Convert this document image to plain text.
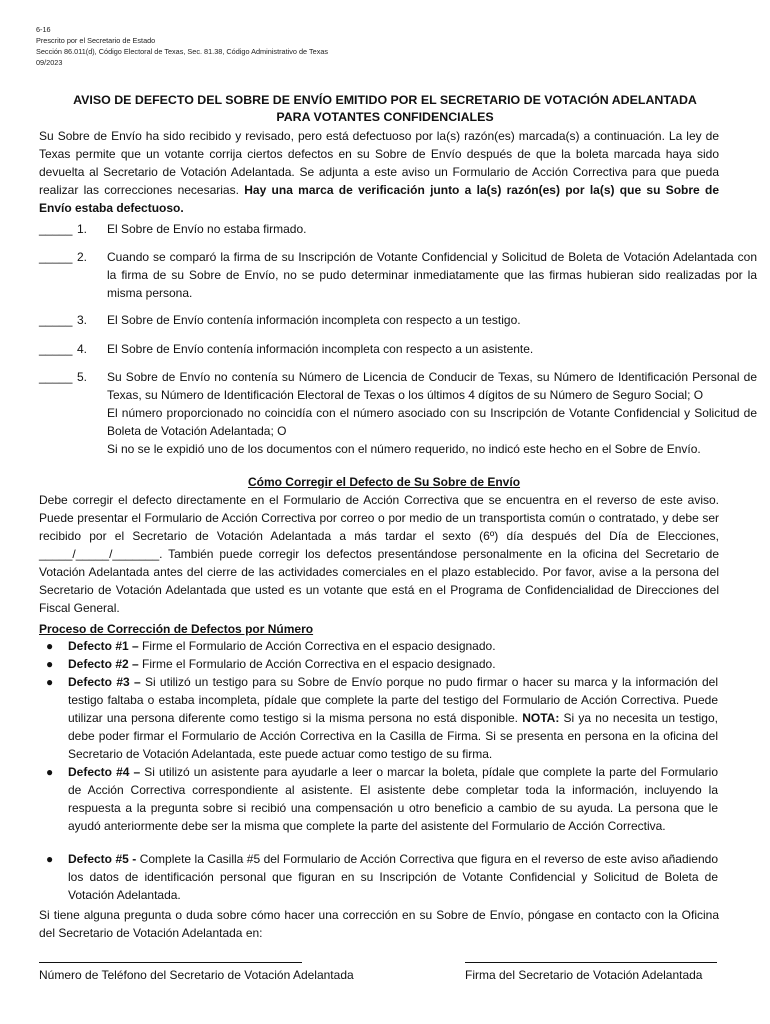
6-16
Prescrito por el Secretario de Estado
Sección 86.011(d), Código Electoral de Texas, Sec. 81.38, Código Administrativo de Texas
09/2023
AVISO DE DEFECTO DEL SOBRE DE ENVÍO EMITIDO POR EL SECRETARIO DE VOTACIÓN ADELANTADA
PARA VOTANTES CONFIDENCIALES
Su Sobre de Envío ha sido recibido y revisado, pero está defectuoso por la(s) razón(es) marcada(s) a continuación. La ley de Texas permite que un votante corrija ciertos defectos en su Sobre de Envío después de que la boleta marcada haya sido devuelta al Secretario de Votación Adelantada. Se adjunta a este aviso un Formulario de Acción Correctiva para que pueda realizar las correcciones necesarias. Hay una marca de verificación junto a la(s) razón(es) por la(s) que su Sobre de Envío estaba defectuoso.
_____ 1. El Sobre de Envío no estaba firmado.
_____ 2. Cuando se comparó la firma de su Inscripción de Votante Confidencial y Solicitud de Boleta de Votación Adelantada con la firma de su Sobre de Envío, no se pudo determinar inmediatamente que las firmas hubieran sido realizadas por la misma persona.
_____ 3. El Sobre de Envío contenía información incompleta con respecto a un testigo.
_____ 4. El Sobre de Envío contenía información incompleta con respecto a un asistente.
_____ 5. Su Sobre de Envío no contenía su Número de Licencia de Conducir de Texas, su Número de Identificación Personal de Texas, su Número de Identificación Electoral de Texas o los últimos 4 dígitos de su Número de Seguro Social; O
El número proporcionado no coincidía con el número asociado con su Inscripción de Votante Confidencial y Solicitud de Boleta de Votación Adelantada; O
Si no se le expidió uno de los documentos con el número requerido, no indicó este hecho en el Sobre de Envío.
Cómo Corregir el Defecto de Su Sobre de Envío
Debe corregir el defecto directamente en el Formulario de Acción Correctiva que se encuentra en el reverso de este aviso. Puede presentar el Formulario de Acción Correctiva por correo o por medio de un transportista común o contratado, y debe ser recibido por el Secretario de Votación Adelantada a más tardar el sexto (6º) día después del Día de Elecciones, _____/_____/_______. También puede corregir los defectos presentándose personalmente en la oficina del Secretario de Votación Adelantada antes del cierre de las actividades comerciales en el plazo establecido. Por favor, avise a la persona del Secretario de Votación Adelantada que usted es un votante que está en el Programa de Confidencialidad de Direcciones del Fiscal General.
Proceso de Corrección de Defectos por Número
● Defecto #1 – Firme el Formulario de Acción Correctiva en el espacio designado.
● Defecto #2 – Firme el Formulario de Acción Correctiva en el espacio designado.
● Defecto #3 – Si utilizó un testigo para su Sobre de Envío porque no pudo firmar o hacer su marca y la información del testigo faltaba o estaba incompleta, pídale que complete la parte del testigo del Formulario de Acción Correctiva. Puede utilizar una persona diferente como testigo si la misma persona no está disponible. NOTA: Si ya no necesita un testigo, debe poder firmar el Formulario de Acción Correctiva en la Casilla de Firma. Si se presenta en persona en la oficina del Secretario de Votación Adelantada, este puede actuar como testigo de su firma.
● Defecto #4 – Si utilizó un asistente para ayudarle a leer o marcar la boleta, pídale que complete la parte del Formulario de Acción Correctiva correspondiente al asistente. El asistente debe completar toda la información, incluyendo la respuesta a la pregunta sobre si recibió una compensación u otro beneficio a cambio de su ayuda. La persona que le ayudó anteriormente debe ser la misma que complete la parte del asistente del Formulario de Acción Correctiva.
● Defecto #5 - Complete la Casilla #5 del Formulario de Acción Correctiva que figura en el reverso de este aviso añadiendo los datos de identificación personal que figuran en su Inscripción de Votante Confidencial y Solicitud de Boleta de Votación Adelantada.
Si tiene alguna pregunta o duda sobre cómo hacer una corrección en su Sobre de Envío, póngase en contacto con la Oficina del Secretario de Votación Adelantada en:
Número de Teléfono del Secretario de Votación Adelantada	Firma del Secretario de Votación Adelantada
